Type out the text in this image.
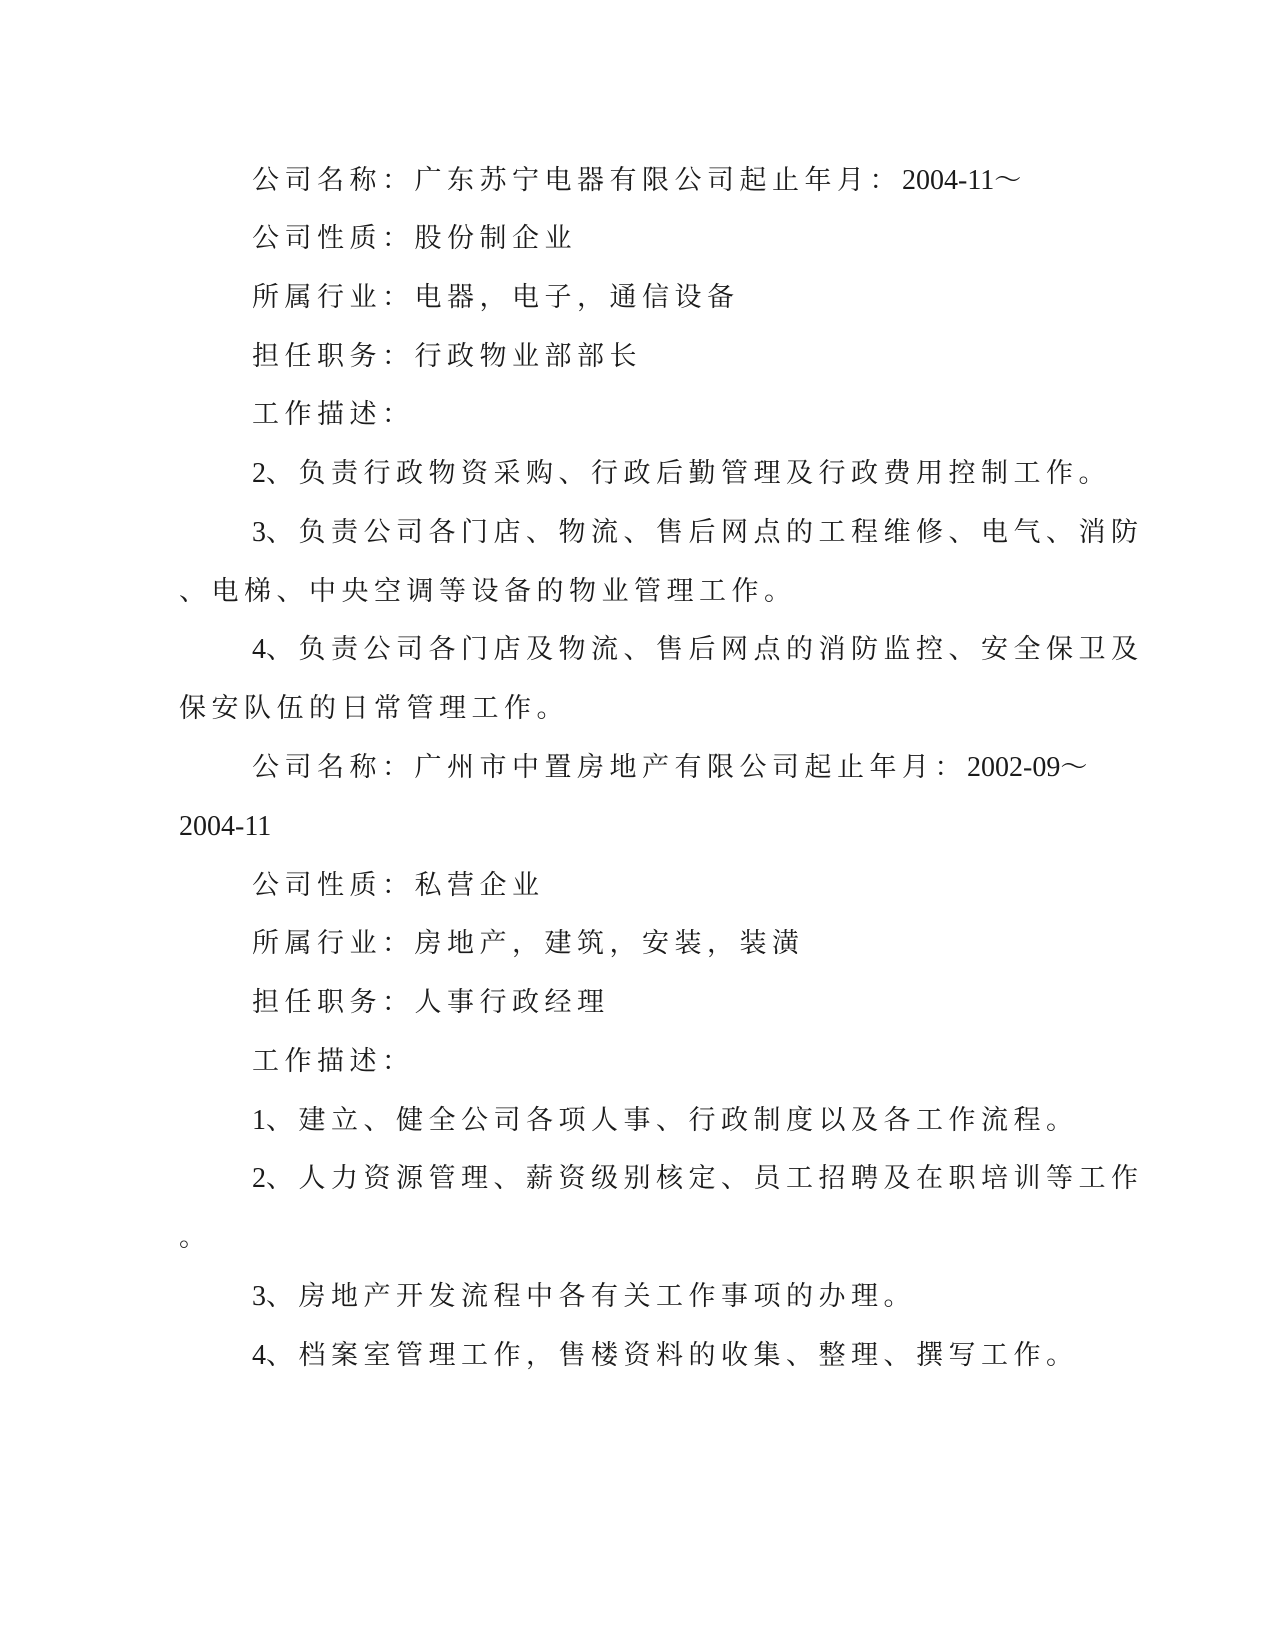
公司名称：广东苏宁电器有限公司起止年月：2004-11～
公司性质：股份制企业
所属行业：电器，电子，通信设备
担任职务：行政物业部部长
工作描述：
2、负责行政物资采购、行政后勤管理及行政费用控制工作。
3、负责公司各门店、物流、售后网点的工程维修、电气、消防
、电梯、中央空调等设备的物业管理工作。
4、负责公司各门店及物流、售后网点的消防监控、安全保卫及
保安队伍的日常管理工作。
公司名称：广州市中置房地产有限公司起止年月：2002-09～
2004-11
公司性质：私营企业
所属行业：房地产，建筑，安装，装潢
担任职务：人事行政经理
工作描述：
1、建立、健全公司各项人事、行政制度以及各工作流程。
2、人力资源管理、薪资级别核定、员工招聘及在职培训等工作
。
3、房地产开发流程中各有关工作事项的办理。
4、档案室管理工作，售楼资料的收集、整理、撰写工作。
